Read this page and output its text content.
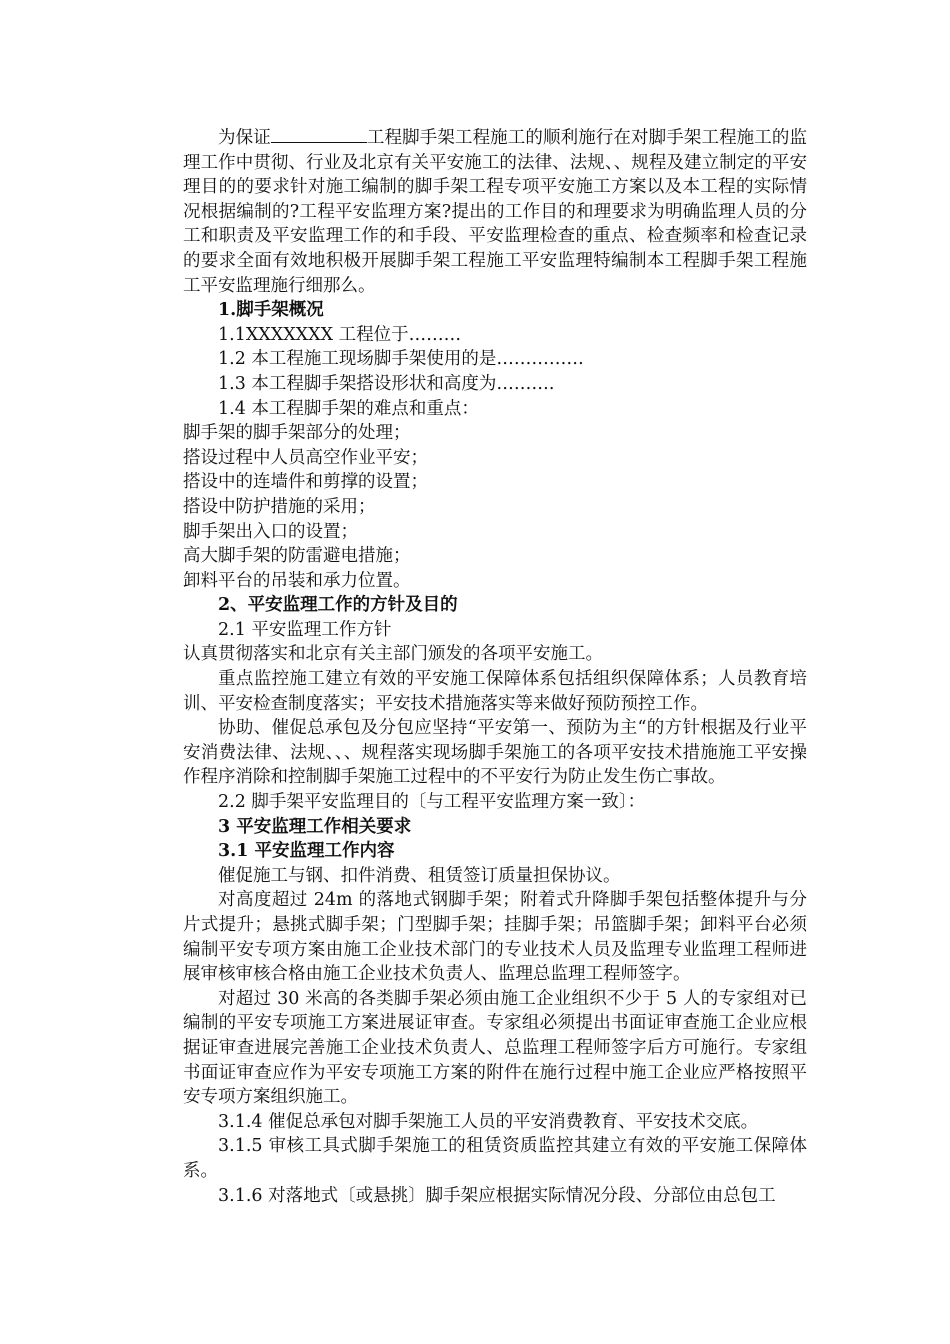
为保证	工程脚手架工程施工的顺利施行在对脚手架工程施工的监理工作中贯彻、行业及北京有关平安施工的法律、法规、、规程及建立制定的平安理目的的要求针对施工编制的脚手架工程专项平安施工方案以及本工程的实际情况根据编制的?工程平安监理方案?提出的工作目的和理要求为明确监理人员的分工和职责及平安监理工作的和手段、平安监理检查的重点、检查频率和检查记录的要求全面有效地积极开展脚手架工程施工平安监理特编制本工程脚手架工程施工平安监理施行细那么。

1.脚手架概况

1.1XXXXXXX 工程位于………

1.2 本工程施工现场脚手架使用的是……………

1.3 本工程脚手架搭设形状和高度为……….

1.4 本工程脚手架的难点和重点：

脚手架的脚手架部分的处理；

搭设过程中人员高空作业平安；

搭设中的连墙件和剪撑的设置；

搭设中防护措施的采用；

脚手架出入口的设置；

高大脚手架的防雷避电措施；

卸料平台的吊装和承力位置。

2、平安监理工作的方针及目的

2.1 平安监理工作方针

认真贯彻落实和北京有关主部门颁发的各项平安施工。

重点监控施工建立有效的平安施工保障体系包括组织保障体系；人员教育培训、平安检查制度落实；平安技术措施落实等来做好预防预控工作。

协助、催促总承包及分包应坚持“平安第一、预防为主“的方针根据及行业平安消费法律、法规、、、规程落实现场脚手架施工的各项平安技术措施施工平安操作程序消除和控制脚手架施工过程中的不平安行为防止发生伤亡事故。

2.2 脚手架平安监理目的〔与工程平安监理方案一致〕：

3 平安监理工作相关要求

3.1 平安监理工作内容

催促施工与钢、扣件消费、租赁签订质量担保协议。

对高度超过 24m 的落地式钢脚手架；附着式升降脚手架包括整体提升与分片式提升；悬挑式脚手架；门型脚手架；挂脚手架；吊篮脚手架；卸料平台必须编制平安专项方案由施工企业技术部门的专业技术人员及监理专业监理工程师进展审核审核合格由施工企业技术负责人、监理总监理工程师签字。

对超过 30 米高的各类脚手架必须由施工企业组织不少于 5 人的专家组对已编制的平安专项施工方案进展证审查。专家组必须提出书面证审查施工企业应根据证审查进展完善施工企业技术负责人、总监理工程师签字后方可施行。专家组书面证审查应作为平安专项施工方案的附件在施行过程中施工企业应严格按照平安专项方案组织施工。

3.1.4 催促总承包对脚手架施工人员的平安消费教育、平安技术交底。

3.1.5 审核工具式脚手架施工的租赁资质监控其建立有效的平安施工保障体系。

3.1.6 对落地式〔或悬挑〕脚手架应根据实际情况分段、分部位由总包工
